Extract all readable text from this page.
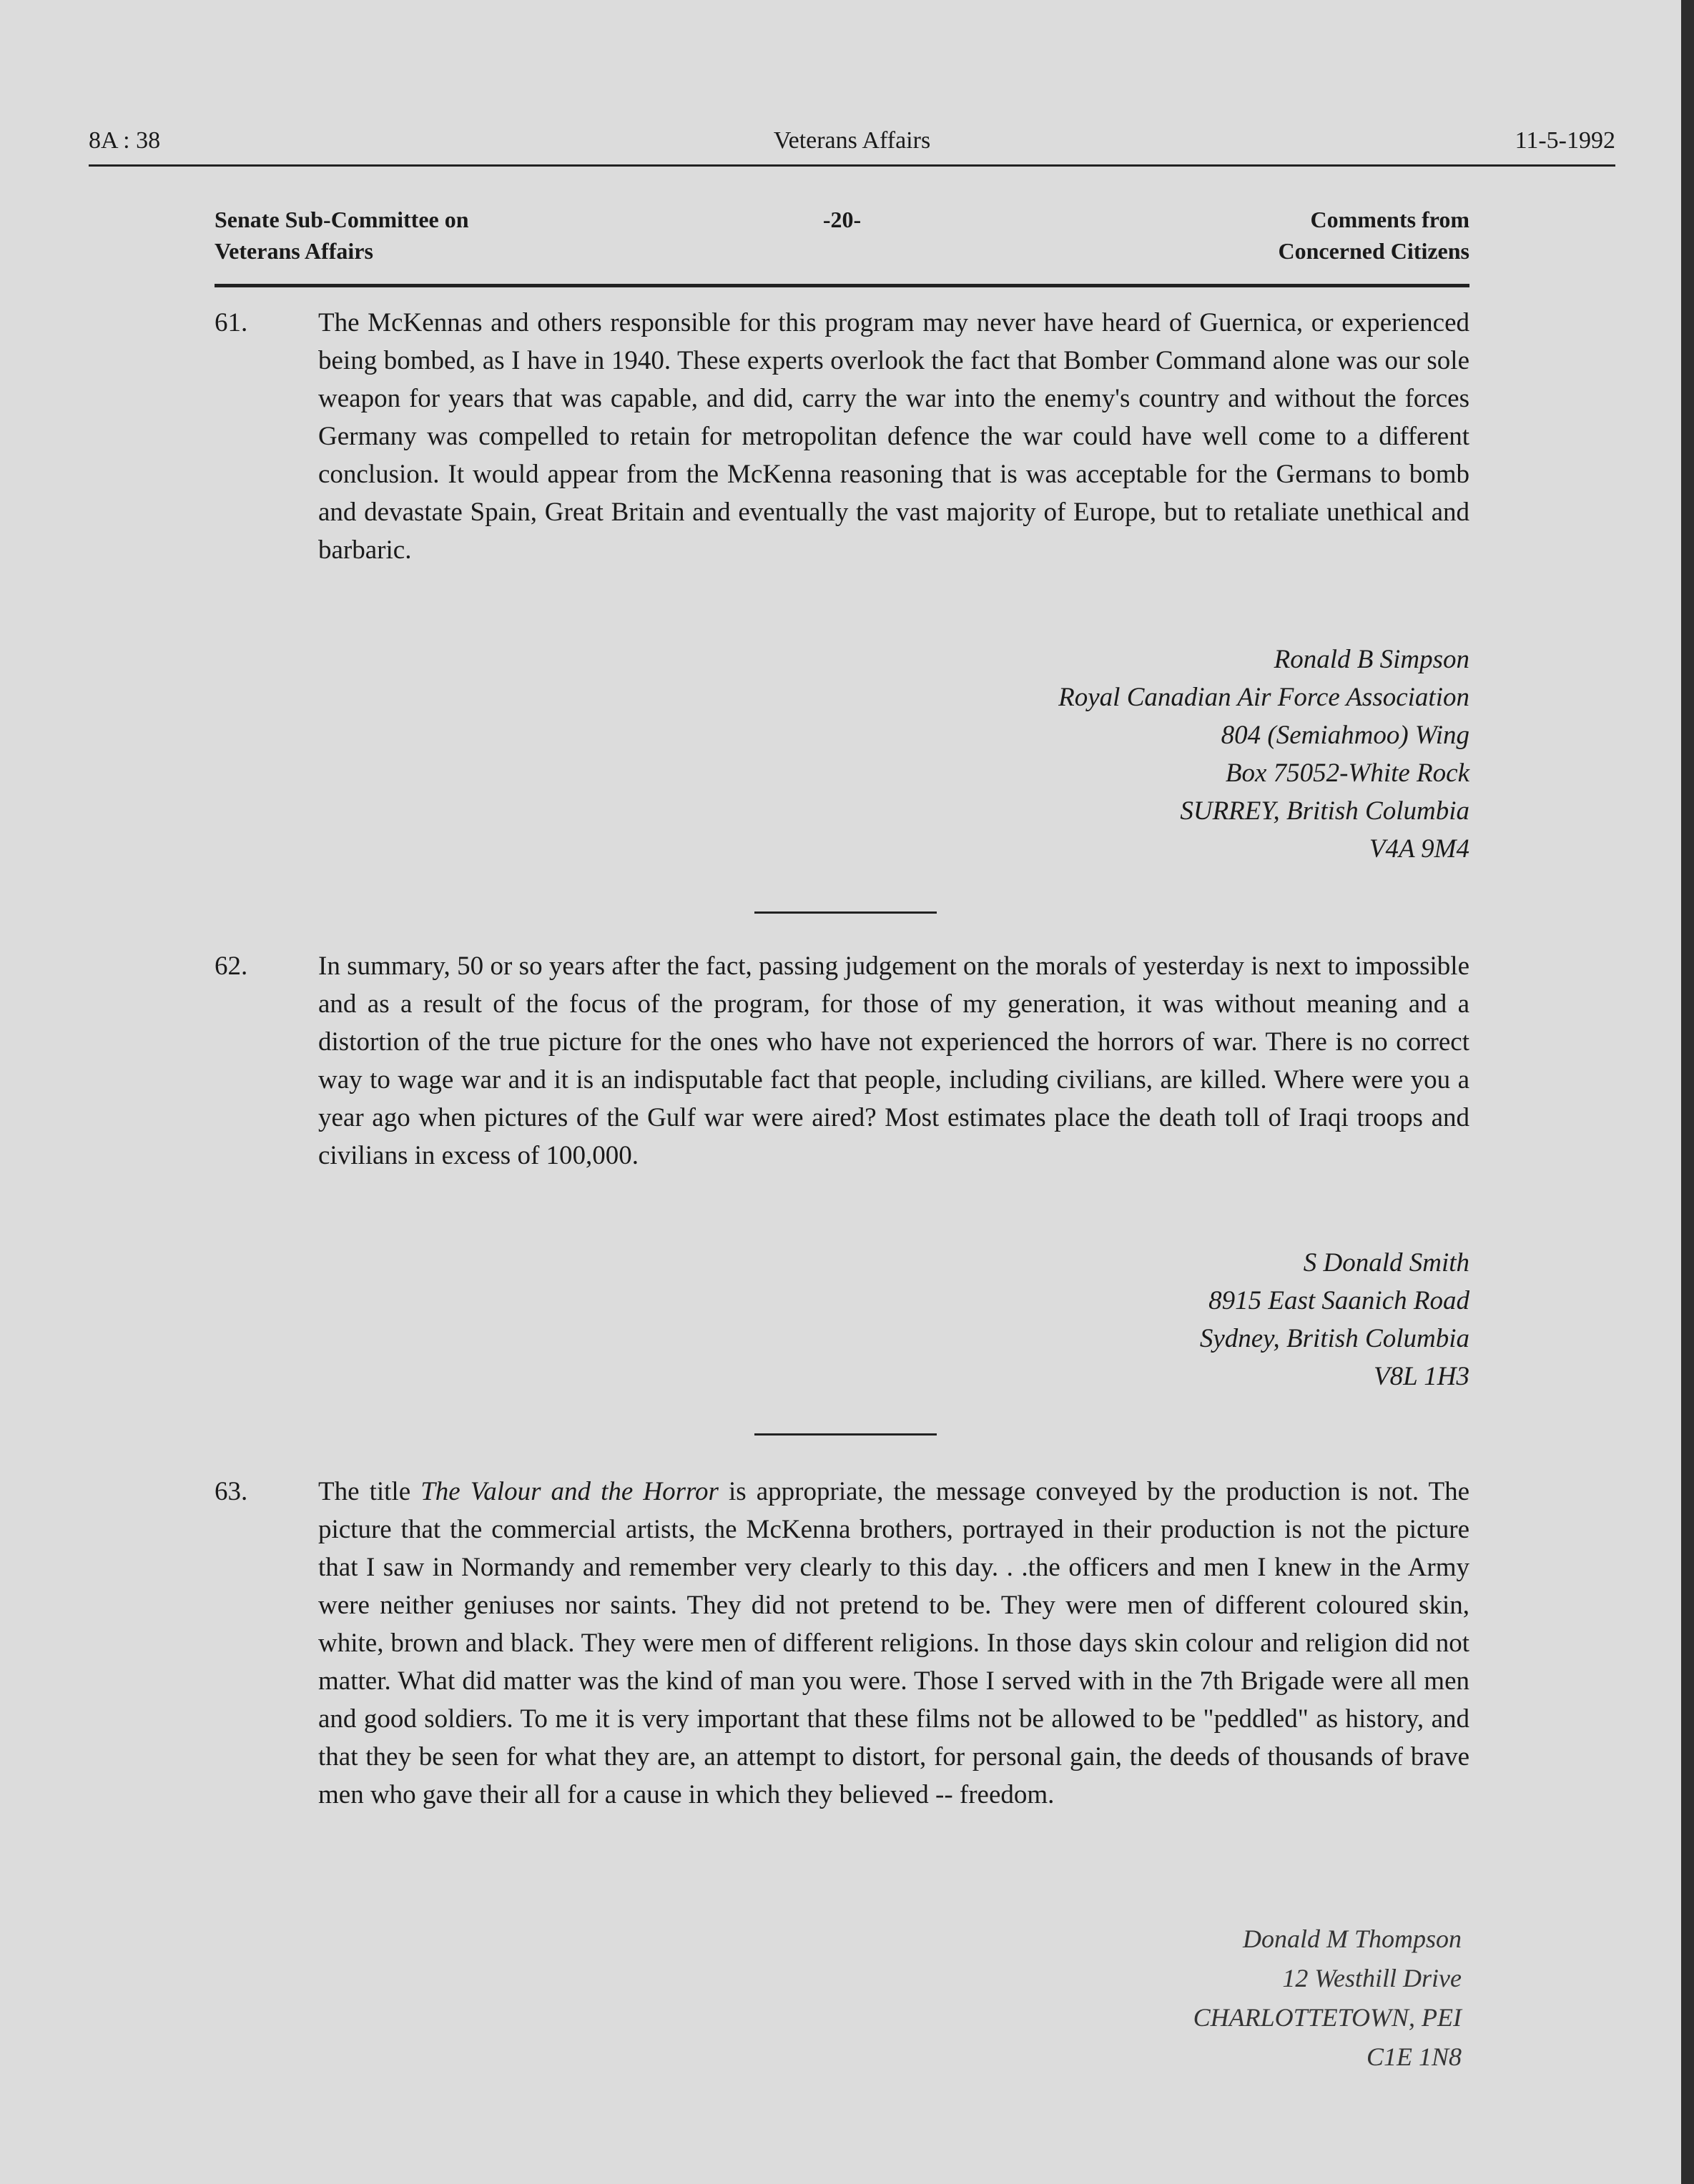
8A : 38	Veterans Affairs	11-5-1992
Senate Sub-Committee on
Veterans Affairs
-20-	Comments from
Concerned Citizens
61.	The McKennas and others responsible for this program may never have heard of Guernica, or experienced being bombed, as I have in 1940. These experts overlook the fact that Bomber Command alone was our sole weapon for years that was capable, and did, carry the war into the enemy's country and without the forces Germany was compelled to retain for metropolitan defence the war could have well come to a different conclusion. It would appear from the McKenna reasoning that is was acceptable for the Germans to bomb and devastate Spain, Great Britain and eventually the vast majority of Europe, but to retaliate unethical and barbaric.
Ronald B Simpson
Royal Canadian Air Force Association
804 (Semiahmoo) Wing
Box 75052-White Rock
SURREY, British Columbia
V4A 9M4
62.	In summary, 50 or so years after the fact, passing judgement on the morals of yesterday is next to impossible and as a result of the focus of the program, for those of my generation, it was without meaning and a distortion of the true picture for the ones who have not experienced the horrors of war. There is no correct way to wage war and it is an indisputable fact that people, including civilians, are killed. Where were you a year ago when pictures of the Gulf war were aired? Most estimates place the death toll of Iraqi troops and civilians in excess of 100,000.
S Donald Smith
8915 East Saanich Road
Sydney, British Columbia
V8L 1H3
63.	The title The Valour and the Horror is appropriate, the message conveyed by the production is not. The picture that the commercial artists, the McKenna brothers, portrayed in their production is not the picture that I saw in Normandy and remember very clearly to this day. . .the officers and men I knew in the Army were neither geniuses nor saints. They did not pretend to be. They were men of different coloured skin, white, brown and black. They were men of different religions. In those days skin colour and religion did not matter. What did matter was the kind of man you were. Those I served with in the 7th Brigade were all men and good soldiers. To me it is very important that these films not be allowed to be "peddled" as history, and that they be seen for what they are, an attempt to distort, for personal gain, the deeds of thousands of brave men who gave their all for a cause in which they believed -- freedom.
Donald M Thompson
12 Westhill Drive
CHARLOTTETOWN, PEI
C1E 1N8
